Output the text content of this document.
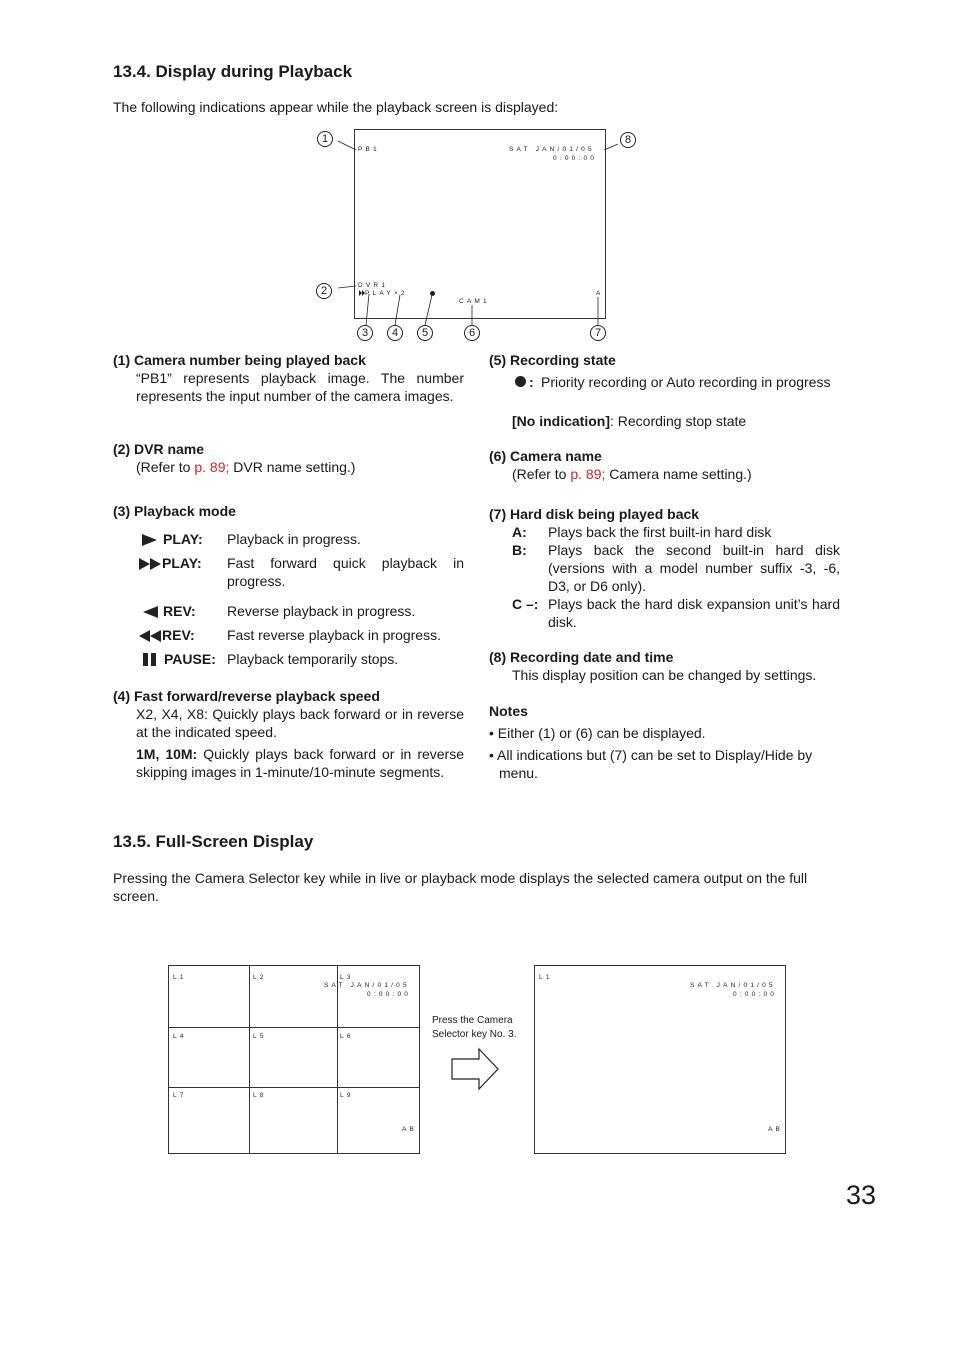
13.4. Display during Playback
The following indications appear while the playback screen is displayed:
PB1	SAT JAN/01/05
0:00:00
DVR1
PLAY×2
CAM1
A
1	8
2
3	4	5	6	7
(1) Camera number being played back
“PB1” represents playback image. The number represents the input number of the camera images.
(2) DVR name
(Refer to p. 89; DVR name setting.)
(3) Playback mode
PLAY: Playback in progress.
PLAY: Fast forward quick playback in progress.
REV: Reverse playback in progress.
REV: Fast reverse playback in progress.
PAUSE: Playback temporarily stops.
(4) Fast forward/reverse playback speed
X2, X4, X8: Quickly plays back forward or in reverse at the indicated speed.
1M, 10M: Quickly plays back forward or in reverse skipping images in 1-minute/10-minute segments.
(5) Recording state
: Priority recording or Auto recording in progress
[No indication]: Recording stop state
(6) Camera name
(Refer to p. 89; Camera name setting.)
(7) Hard disk being played back
A: Plays back the first built-in hard disk
B: Plays back the second built-in hard disk (versions with a model number suffix -3, -6, D3, or D6 only).
C –: Plays back the hard disk expansion unit’s hard disk.
(8) Recording date and time
This display position can be changed by settings.
Notes
• Either (1) or (6) can be displayed.
• All indications but (7) can be set to Display/Hide by menu.
13.5. Full-Screen Display
Pressing the Camera Selector key while in live or playback mode displays the selected camera output on the full screen.
L1	L2	L3
L4	L5	L6
L7	L8	L9
SAT JAN/01/05
0:00:00
AB
Press the Camera
Selector key No. 3.
L1
SAT JAN/01/05
0:00:00
AB
33
